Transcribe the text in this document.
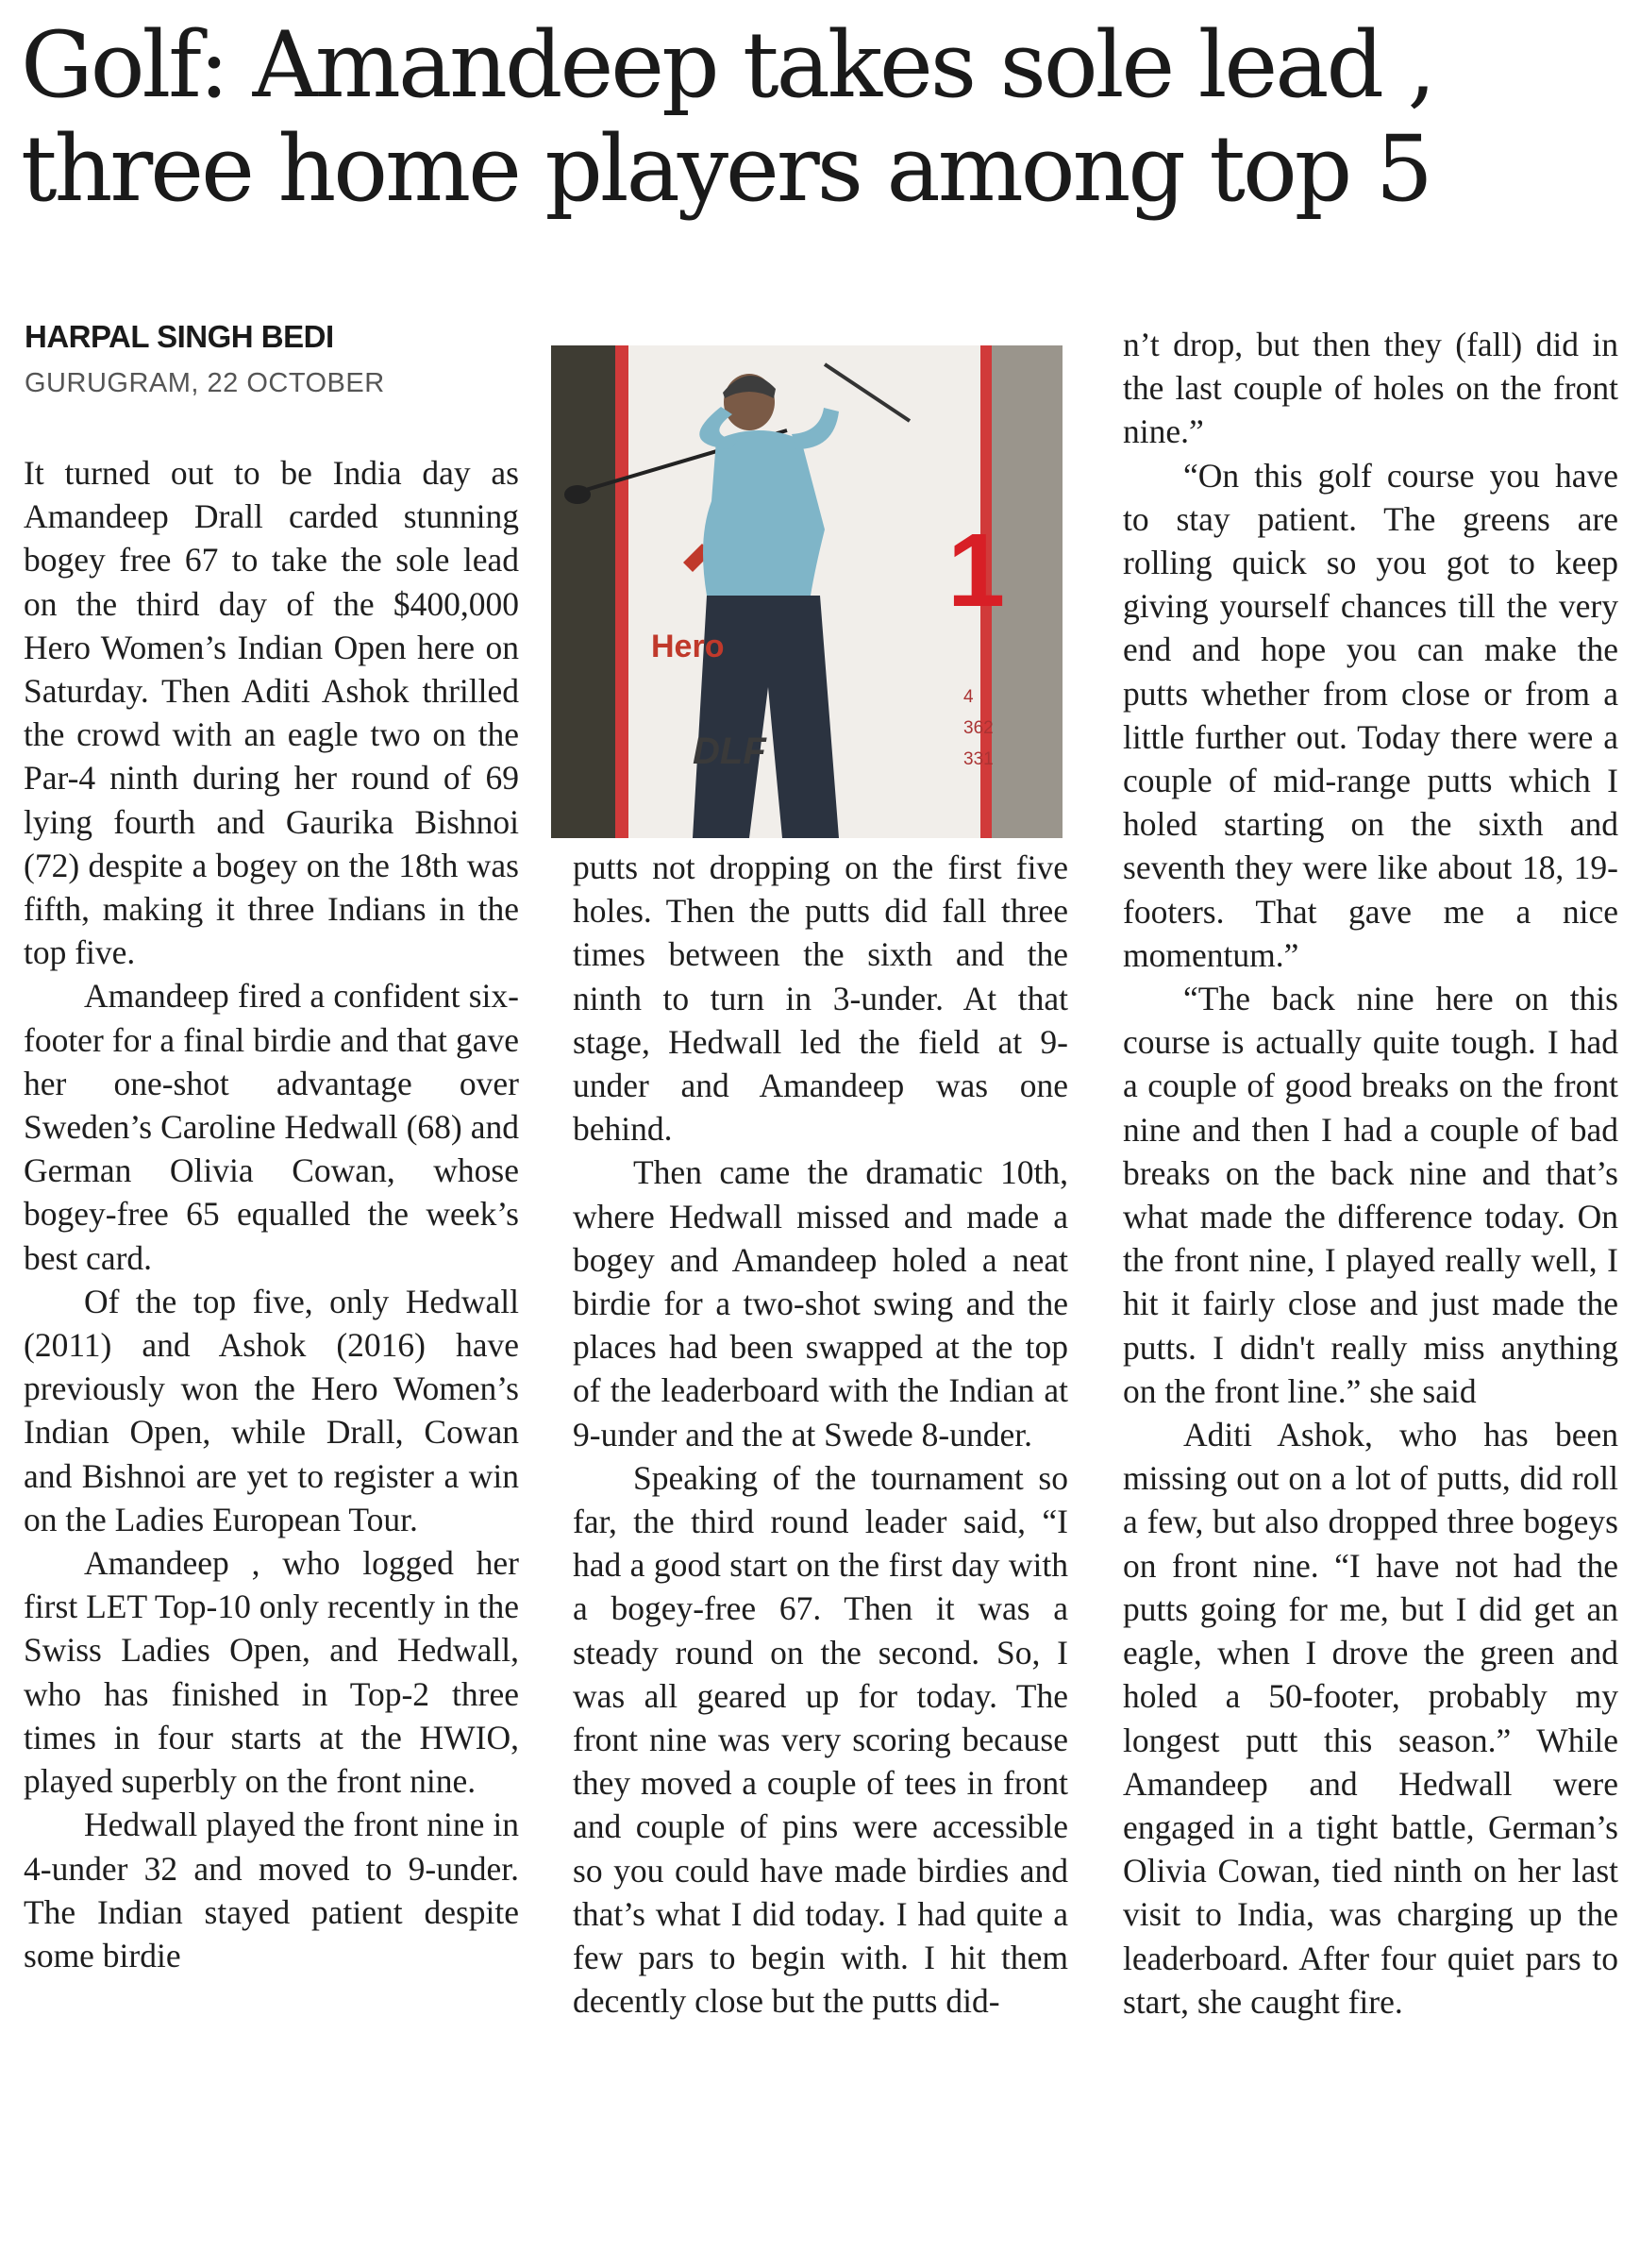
Golf: Amandeep takes sole lead ,
three home players among top 5
HARPAL SINGH BEDI
GURUGRAM, 22 OCTOBER

It turned out to be India day as Amandeep Drall carded stunning bogey free 67 to take the sole lead on the third day of the $400,000 Hero Women’s Indian Open here on Saturday. Then Aditi Ashok thrilled the crowd with an eagle two on the Par-4 ninth during her round of 69 lying fourth and Gaurika Bishnoi (72) despite a bogey on the 18th was fifth, making it three Indians in the top five.

Amandeep fired a confident six-footer for a final birdie and that gave her one-shot advantage over Sweden’s Caroline Hedwall (68) and German Olivia Cowan, whose bogey-free 65 equalled the week’s best card.

Of the top five, only Hedwall (2011) and Ashok (2016) have previously won the Hero Women’s Indian Open, while Drall, Cowan and Bishnoi are yet to register a win on the Ladies European Tour.

Amandeep , who logged her first LET Top-10 only recently in the Swiss Ladies Open, and Hedwall, who has finished in Top-2 three times in four starts at the HWIO, played superbly on the front nine.

Hedwall played the front nine in 4-under 32 and moved to 9-under. The Indian stayed patient despite some birdie

Hero
DLF
1
4
362
331

putts not dropping on the first five holes. Then the putts did fall three times between the sixth and the ninth to turn in 3-under. At that stage, Hedwall led the field at 9-under and Amandeep was one behind.

Then came the dramatic 10th, where Hedwall missed and made a bogey and Amandeep holed a neat birdie for a two-shot swing and the places had been swapped at the top of the leaderboard with the Indian at 9-under and the at Swede 8-under.

Speaking of the tournament so far, the third round leader said, “I had a good start on the first day with a bogey-free 67. Then it was a steady round on the second. So, I was all geared up for today. The front nine was very scoring because they moved a couple of tees in front and couple of pins were accessible so you could have made birdies and that’s what I did today. I had quite a few pars to begin with. I hit them decently close but the putts did-

n’t drop, but then they (fall) did in the last couple of holes on the front nine.”

“On this golf course you have to stay patient. The greens are rolling quick so you got to keep giving yourself chances till the very end and hope you can make the putts whether from close or from a little further out. Today there were a couple of mid-range putts which I holed starting on the sixth and seventh they were like about 18, 19-footers. That gave me a nice momentum.”

“The back nine here on this course is actually quite tough. I had a couple of good breaks on the front nine and then I had a couple of bad breaks on the back nine and that’s what made the difference today. On the front nine, I played really well, I hit it fairly close and just made the putts. I didn't really miss anything on the front line.” she said

Aditi Ashok, who has been missing out on a lot of putts, did roll a few, but also dropped three bogeys on front nine. “I have not had the putts going for me, but I did get an eagle, when I drove the green and holed a 50-footer, probably my longest putt this season.” While Amandeep and Hedwall were engaged in a tight battle, German’s Olivia Cowan, tied ninth on her last visit to India, was charging up the leaderboard. After four quiet pars to start, she caught fire.
